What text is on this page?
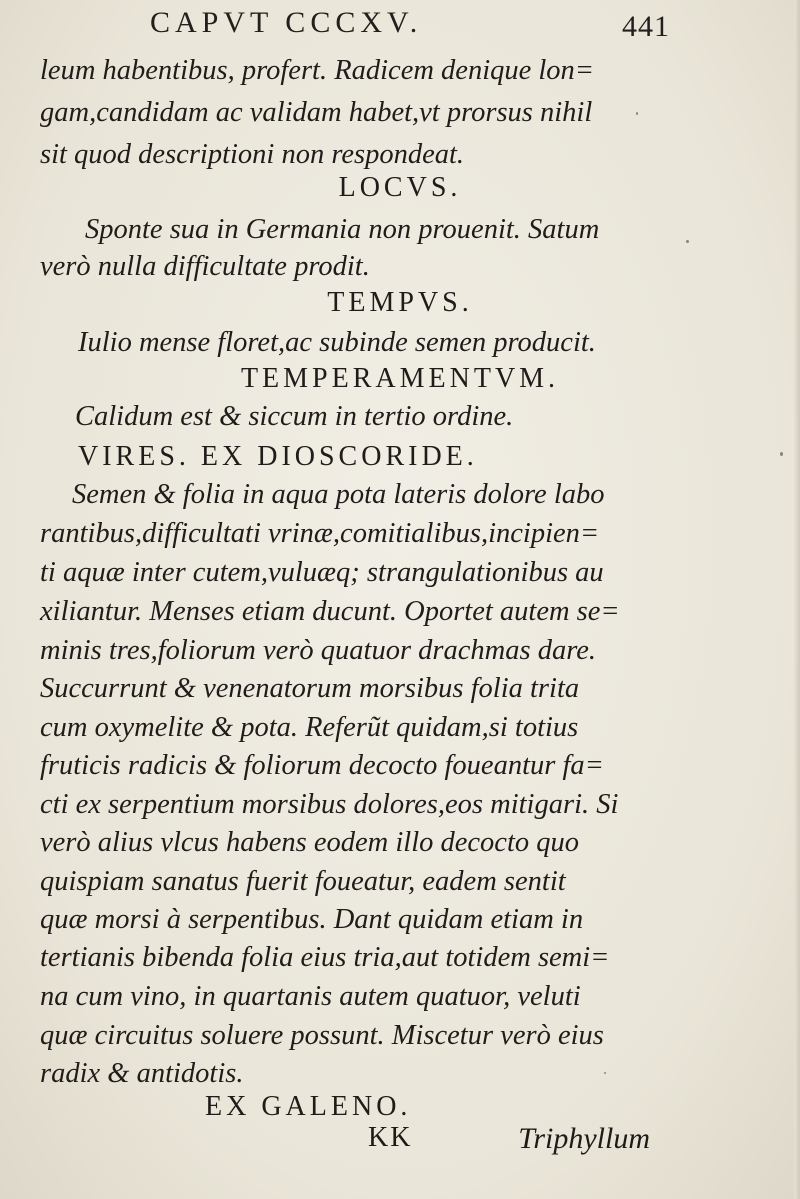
CAPVT CCCXV.	441
leum habentibus, profert. Radicem denique lon=
gam,candidam ac validam habet,vt prorsus nihil
sit quod descriptioni non respondeat.
LOCVS.
Sponte sua in Germania non prouenit. Satum
verò nulla difficultate prodit.
TEMPVS.
Iulio mense floret,ac subinde semen producit.
TEMPERAMENTVM.
Calidum est & siccum in tertio ordine.
VIRES. EX DIOSCORIDE.
Semen & folia in aqua pota lateris dolore labo
rantibus,difficultati vrinæ,comitialibus,incipien=
ti aquæ inter cutem,vuluæq; strangulationibus au
xiliantur. Menses etiam ducunt. Oportet autem se=
minis tres,foliorum verò quatuor drachmas dare.
Succurrunt & venenatorum morsibus folia trita
cum oxymelite & pota. Referũt quidam,si totius
fruticis radicis & foliorum decocto foueantur fa=
cti ex serpentium morsibus dolores,eos mitigari. Si
verò alius vlcus habens eodem illo decocto quo
quispiam sanatus fuerit foueatur, eadem sentit
quæ morsi à serpentibus. Dant quidam etiam in
tertianis bibenda folia eius tria,aut totidem semi=
na cum vino, in quartanis autem quatuor, veluti
quæ circuitus soluere possunt. Miscetur verò eius
radix & antidotis.
EX GALENO.
KK	Triphyllum
